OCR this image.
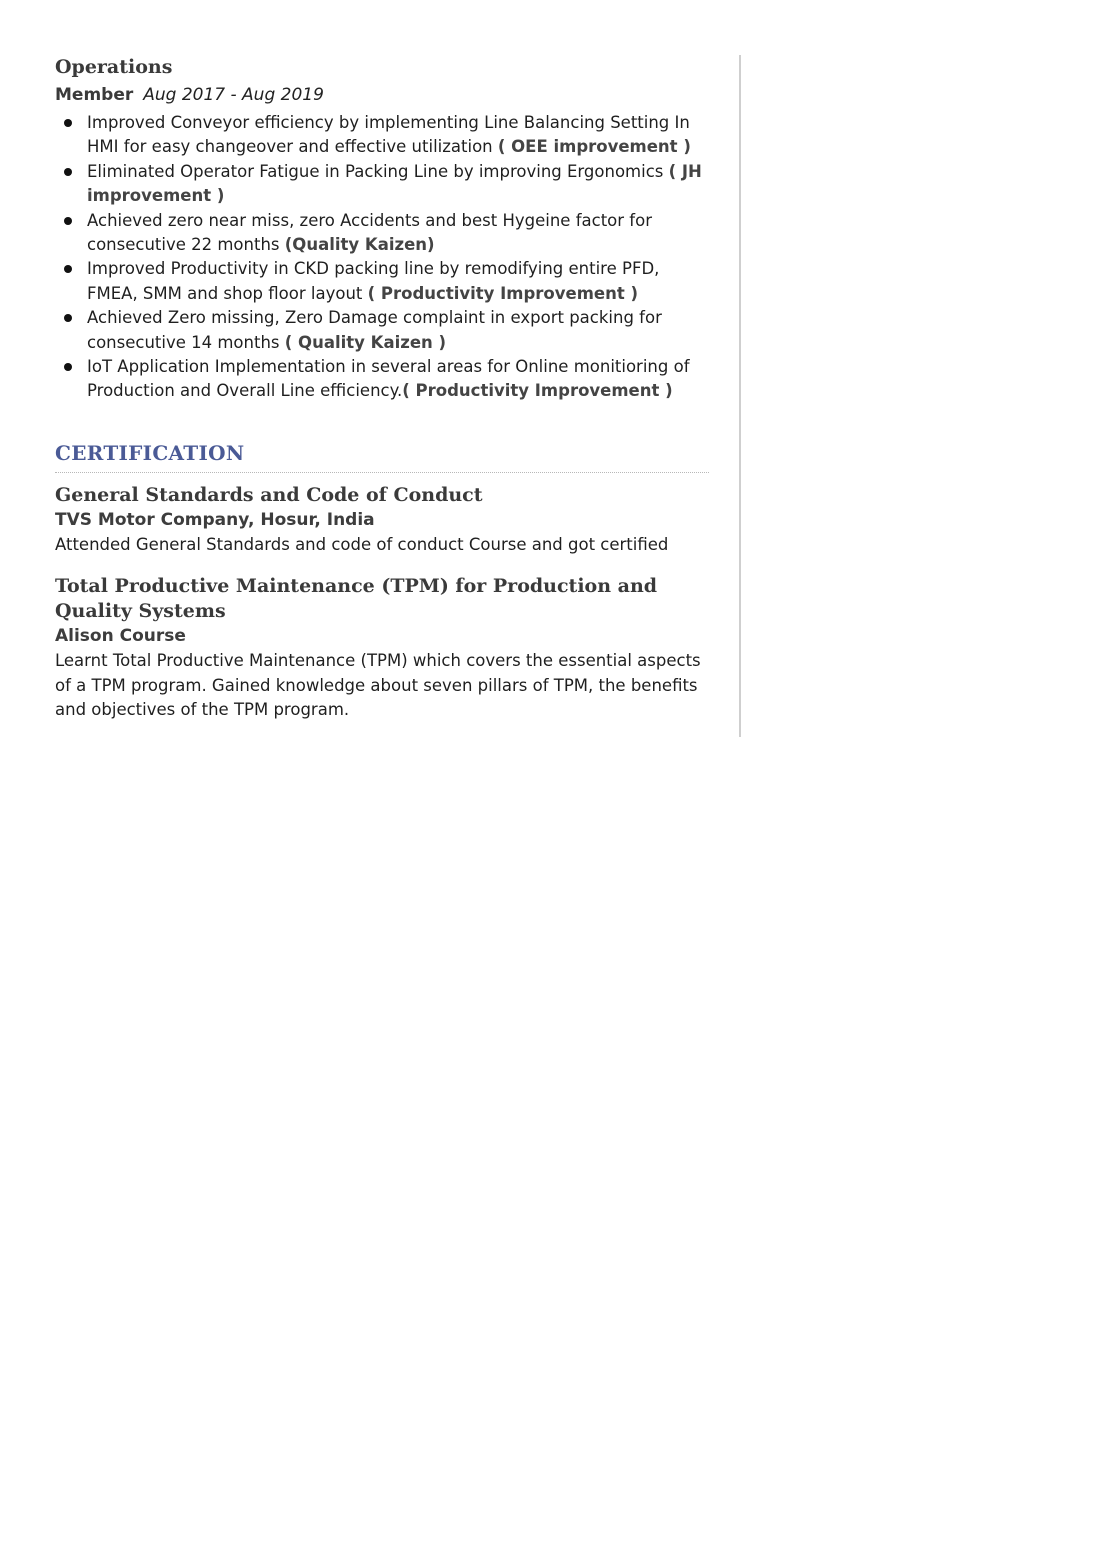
Operations
Member Aug 2017 - Aug 2019
Improved Conveyor efficiency by implementing Line Balancing Setting In HMI for easy changeover and effective utilization ( OEE improvement )
Eliminated Operator Fatigue in Packing Line by improving Ergonomics ( JH improvement )
Achieved zero near miss, zero Accidents and best Hygeine factor for consecutive 22 months (Quality Kaizen)
Improved Productivity in CKD packing line by remodifying entire PFD, FMEA, SMM and shop floor layout ( Productivity Improvement )
Achieved Zero missing, Zero Damage complaint in export packing for consecutive 14 months ( Quality Kaizen )
IoT Application Implementation in several areas for Online monitioring of Production and Overall Line efficiency.( Productivity Improvement )
CERTIFICATION
General Standards and Code of Conduct
TVS Motor Company, Hosur, India
Attended General Standards and code of conduct Course and got certified
Total Productive Maintenance (TPM) for Production and Quality Systems
Alison Course
Learnt Total Productive Maintenance (TPM) which covers the essential aspects of a TPM program. Gained knowledge about seven pillars of TPM, the benefits and objectives of the TPM program.
